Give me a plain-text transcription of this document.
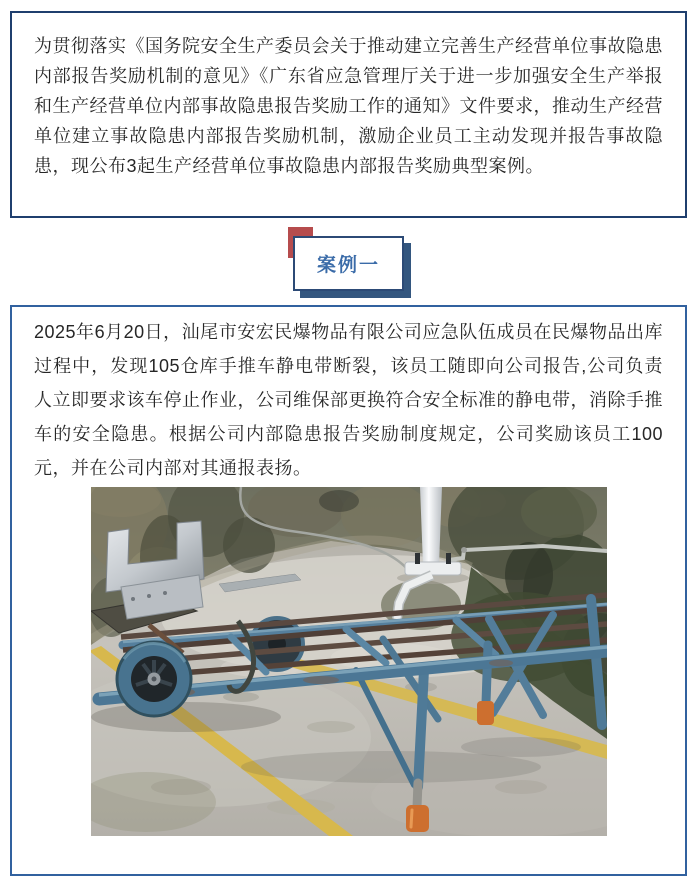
为贯彻落实《国务院安全生产委员会关于推动建立完善生产经营单位事故隐患内部报告奖励机制的意见》《广东省应急管理厅关于进一步加强安全生产举报和生产经营单位内部事故隐患报告奖励工作的通知》文件要求，推动生产经营单位建立事故隐患内部报告奖励机制，激励企业员工主动发现并报告事故隐患，现公布3起生产经营单位事故隐患内部报告奖励典型案例。

案例一

2025年6月20日，汕尾市安宏民爆物品有限公司应急队伍成员在民爆物品出库过程中，发现105仓库手推车静电带断裂，该员工随即向公司报告,公司负责人立即要求该车停止作业，公司维保部更换符合安全标准的静电带，消除手推车的安全隐患。根据公司内部隐患报告奖励制度规定，公司奖励该员工100元，并在公司内部对其通报表扬。
